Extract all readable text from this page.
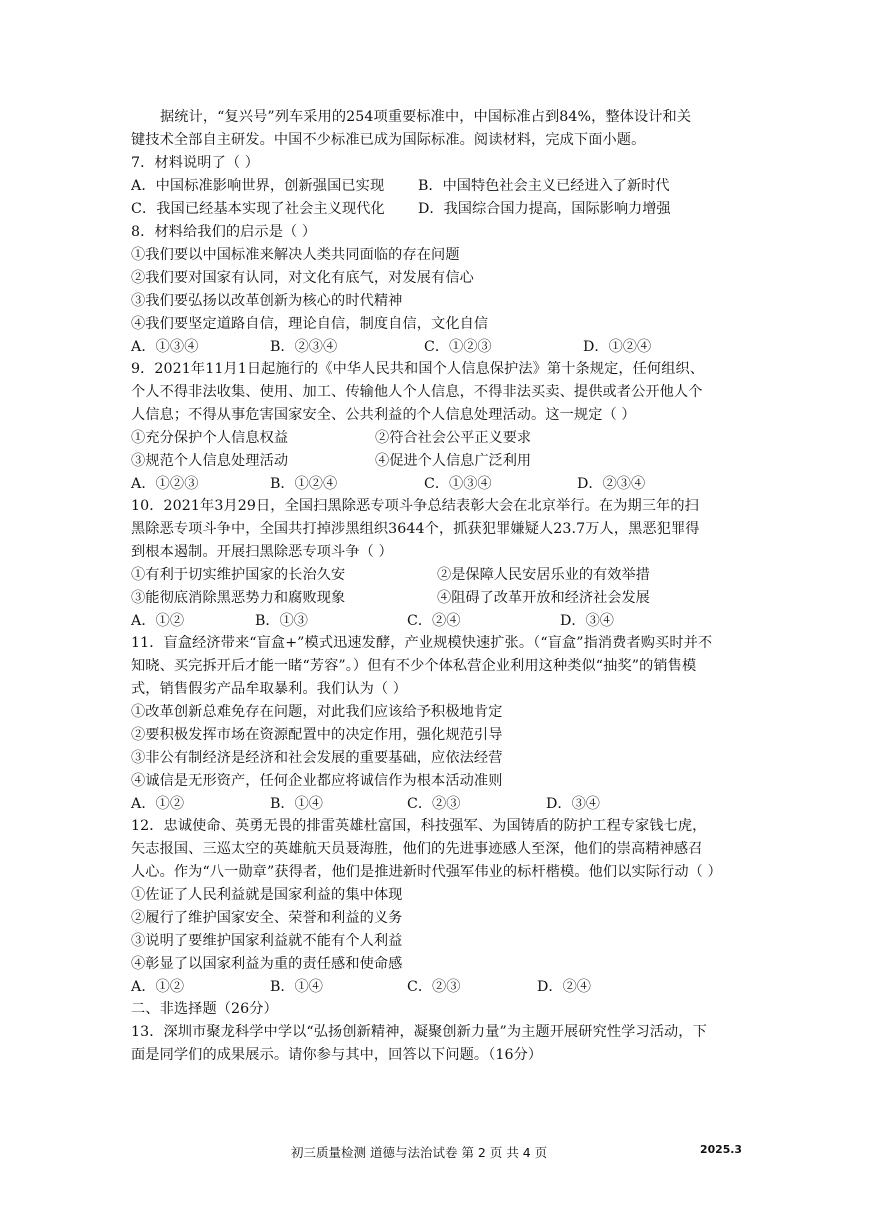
据统计，“复兴号”列车采用的254项重要标准中，中国标准占到84%，整体设计和关
键技术全部自主研发。中国不少标准已成为国际标准。阅读材料，完成下面小题。
7．材料说明了（ ）
A．中国标准影响世界，创新强国已实现 B．中国特色社会主义已经进入了新时代
C．我国已经基本实现了社会主义现代化 D．我国综合国力提高，国际影响力增强
8．材料给我们的启示是（ ）
①我们要以中国标准来解决人类共同面临的存在问题
②我们要对国家有认同，对文化有底气，对发展有信心
③我们要弘扬以改革创新为核心的时代精神
④我们要坚定道路自信，理论自信，制度自信，文化自信
A．①③④	B．②③④	C．①②③	D．①②④
9．2021年11月1日起施行的《中华人民共和国个人信息保护法》第十条规定，任何组织、
个人不得非法收集、使用、加工、传输他人个人信息，不得非法买卖、提供或者公开他人个
人信息；不得从事危害国家安全、公共利益的个人信息处理活动。这一规定（ ）
①充分保护个人信息权益	②符合社会公平正义要求
③规范个人信息处理活动	④促进个人信息广泛利用
A．①②③	B．①②④	C．①③④	D．②③④
10．2021年3月29日，全国扫黑除恶专项斗争总结表彰大会在北京举行。在为期三年的扫
黑除恶专项斗争中，全国共打掉涉黑组织3644个，抓获犯罪嫌疑人23.7万人，黑恶犯罪得
到根本遏制。开展扫黑除恶专项斗争（ ）
①有利于切实维护国家的长治久安	②是保障人民安居乐业的有效举措
③能彻底消除黑恶势力和腐败现象	④阻碍了改革开放和经济社会发展
A．①②	B．①③	C．②④	D．③④
11．盲盒经济带来“盲盒+”模式迅速发酵，产业规模快速扩张。（“盲盒”指消费者购买时并不
知晓、买完拆开后才能一睹“芳容”。）但有不少个体私营企业利用这种类似“抽奖”的销售模
式，销售假劣产品牟取暴利。我们认为（ ）
①改革创新总难免存在问题，对此我们应该给予积极地肯定
②要积极发挥市场在资源配置中的决定作用，强化规范引导
③非公有制经济是经济和社会发展的重要基础，应依法经营
④诚信是无形资产，任何企业都应将诚信作为根本活动准则
A．①②	B．①④	C．②③	D．③④
12．忠诚使命、英勇无畏的排雷英雄杜富国，科技强军、为国铸盾的防护工程专家钱七虎，
矢志报国、三巡太空的英雄航天员聂海胜，他们的先进事迹感人至深，他们的崇高精神感召
人心。作为“八一勋章”获得者，他们是推进新时代强军伟业的标杆楷模。他们以实际行动（ ）
①佐证了人民利益就是国家利益的集中体现
②履行了维护国家安全、荣誉和利益的义务
③说明了要维护国家利益就不能有个人利益
④彰显了以国家利益为重的责任感和使命感
A．①②	B．①④	C．②③	D．②④
二、非选择题（26分）
13．深圳市聚龙科学中学以“弘扬创新精神，凝聚创新力量”为主题开展研究性学习活动，下
面是同学们的成果展示。请你参与其中，回答以下问题。（16分）
初三质量检测 道德与法治试卷 第 2 页 共 4 页	2025.3
